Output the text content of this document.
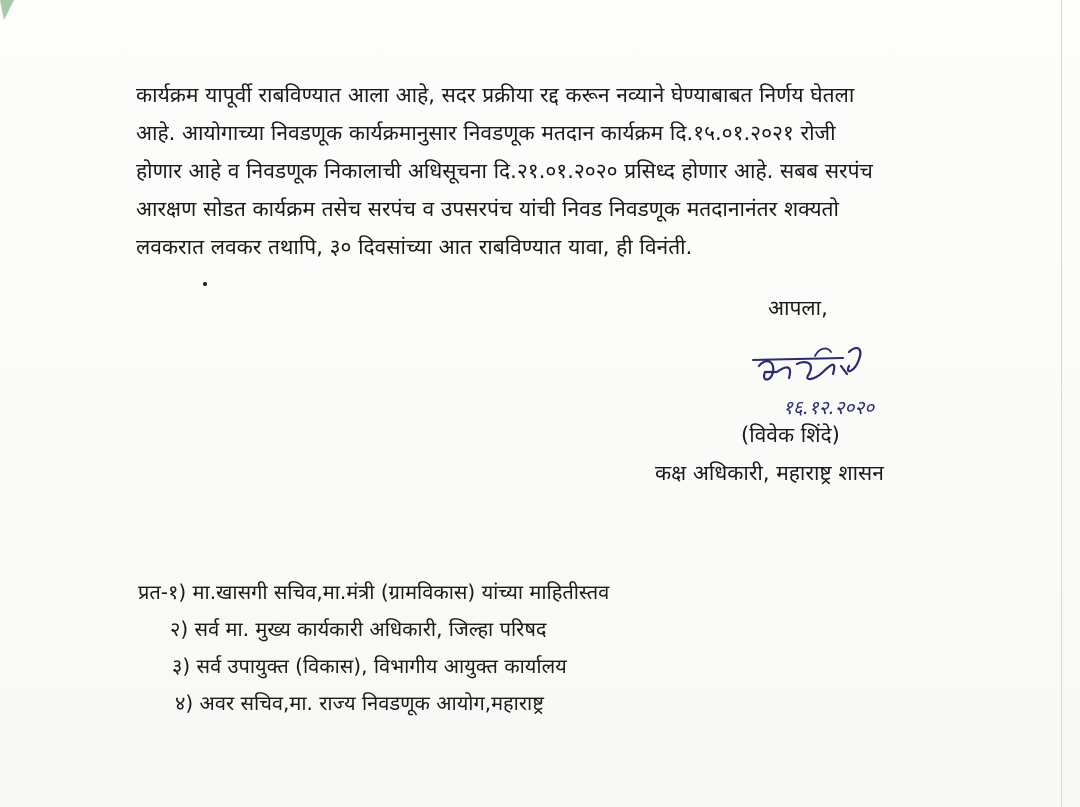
कार्यक्रम यापूर्वी राबविण्यात आला आहे, सदर प्रक्रीया रद्द करून नव्याने घेण्याबाबत निर्णय घेतला
आहे. आयोगाच्या निवडणूक कार्यक्रमानुसार निवडणूक मतदान कार्यक्रम दि.१५.०१.२०२१ रोजी
होणार आहे व निवडणूक निकालाची अधिसूचना दि.२१.०१.२०२० प्रसिध्द होणार आहे. सबब सरपंच
आरक्षण सोडत कार्यक्रम तसेच सरपंच व उपसरपंच यांची निवड निवडणूक मतदानानंतर शक्यतो
लवकरात लवकर तथापि, ३० दिवसांच्या आत राबविण्यात यावा, ही विनंती.
आपला,
१६.१२.२०२०
(विवेक शिंदे)
कक्ष अधिकारी, महाराष्ट्र शासन
प्रत-१) मा.खासगी सचिव,मा.मंत्री (ग्रामविकास) यांच्या माहितीस्तव
२) सर्व मा. मुख्य कार्यकारी अधिकारी, जिल्हा परिषद
३) सर्व उपायुक्त (विकास), विभागीय आयुक्त कार्यालय
४) अवर सचिव,मा. राज्य निवडणूक आयोग,महाराष्ट्र
